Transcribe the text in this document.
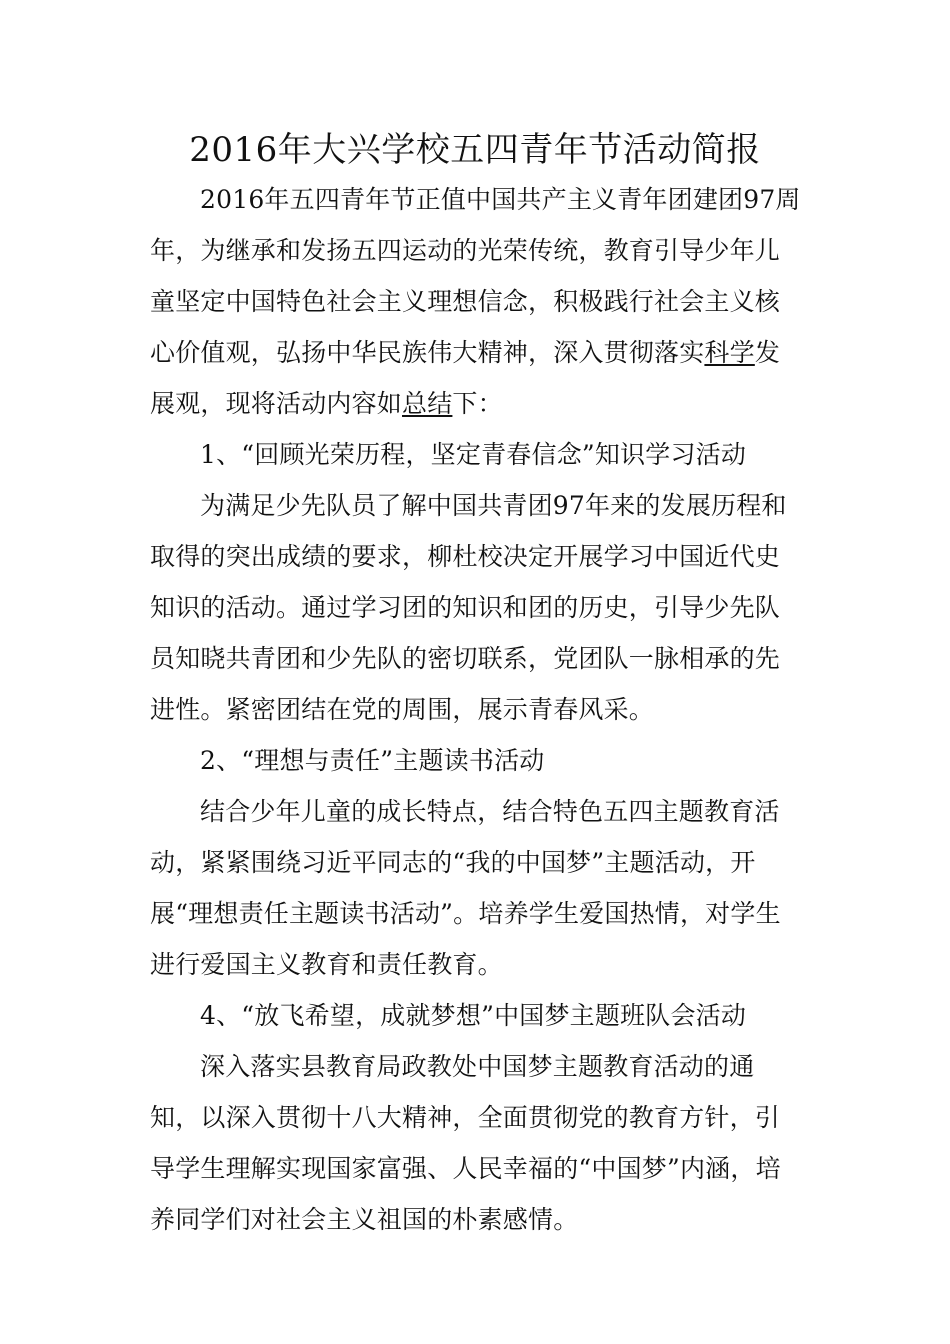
2016年大兴学校五四青年节活动简报
2016年五四青年节正值中国共产主义青年团建团97周
年，为继承和发扬五四运动的光荣传统，教育引导少年儿
童坚定中国特色社会主义理想信念，积极践行社会主义核
心价值观，弘扬中华民族伟大精神，深入贯彻落实科学发
展观，现将活动内容如总结下：
1、“回顾光荣历程，坚定青春信念”知识学习活动
为满足少先队员了解中国共青团97年来的发展历程和
取得的突出成绩的要求，柳杜校决定开展学习中国近代史
知识的活动。通过学习团的知识和团的历史，引导少先队
员知晓共青团和少先队的密切联系，党团队一脉相承的先
进性。紧密团结在党的周围，展示青春风采。
2、“理想与责任”主题读书活动
结合少年儿童的成长特点，结合特色五四主题教育活
动，紧紧围绕习近平同志的“我的中国梦”主题活动，开
展“理想责任主题读书活动”。培养学生爱国热情，对学生
进行爱国主义教育和责任教育。
4、“放飞希望，成就梦想”中国梦主题班队会活动
深入落实县教育局政教处中国梦主题教育活动的通
知，以深入贯彻十八大精神，全面贯彻党的教育方针，引
导学生理解实现国家富强、人民幸福的“中国梦”内涵，培
养同学们对社会主义祖国的朴素感情。
